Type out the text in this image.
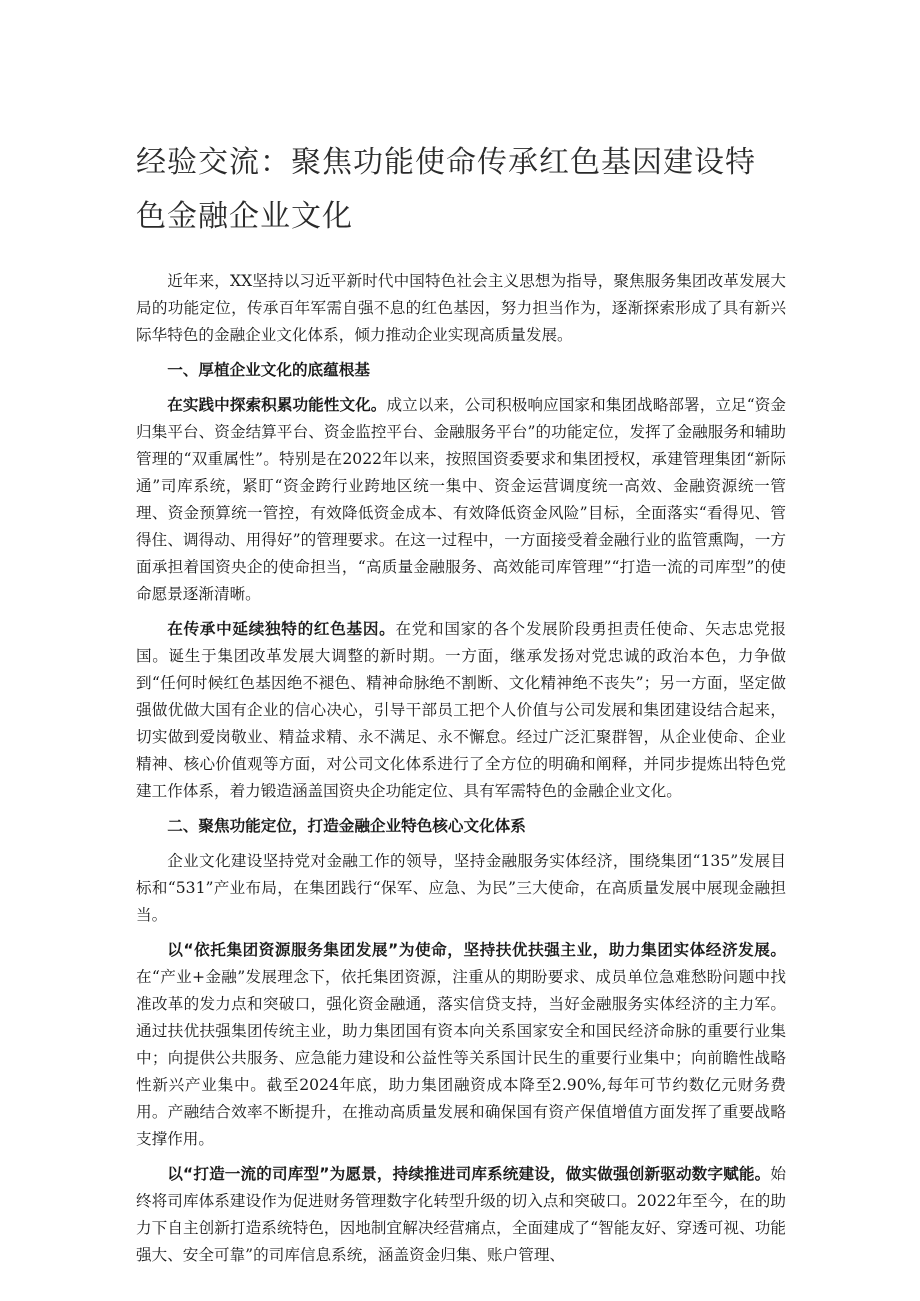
经验交流：聚焦功能使命传承红色基因建设特色金融企业文化

近年来，XX坚持以习近平新时代中国特色社会主义思想为指导，聚焦服务集团改革发展大局的功能定位，传承百年军需自强不息的红色基因，努力担当作为，逐渐探索形成了具有新兴际华特色的金融企业文化体系，倾力推动企业实现高质量发展。

一、厚植企业文化的底蕴根基

在实践中探索积累功能性文化。成立以来，公司积极响应国家和集团战略部署，立足“资金归集平台、资金结算平台、资金监控平台、金融服务平台”的功能定位，发挥了金融服务和辅助管理的“双重属性”。特别是在2022年以来，按照国资委要求和集团授权，承建管理集团“新际通”司库系统，紧盯“资金跨行业跨地区统一集中、资金运营调度统一高效、金融资源统一管理、资金预算统一管控，有效降低资金成本、有效降低资金风险”目标，全面落实“看得见、管得住、调得动、用得好”的管理要求。在这一过程中，一方面接受着金融行业的监管熏陶，一方面承担着国资央企的使命担当，“高质量金融服务、高效能司库管理”“打造一流的司库型”的使命愿景逐渐清晰。

在传承中延续独特的红色基因。在党和国家的各个发展阶段勇担责任使命、矢志忠党报国。诞生于集团改革发展大调整的新时期。一方面，继承发扬对党忠诚的政治本色，力争做到“任何时候红色基因绝不褪色、精神命脉绝不割断、文化精神绝不丧失”；另一方面，坚定做强做优做大国有企业的信心决心，引导干部员工把个人价值与公司发展和集团建设结合起来，切实做到爱岗敬业、精益求精、永不满足、永不懈怠。经过广泛汇聚群智，从企业使命、企业精神、核心价值观等方面，对公司文化体系进行了全方位的明确和阐释，并同步提炼出特色党建工作体系，着力锻造涵盖国资央企功能定位、具有军需特色的金融企业文化。

二、聚焦功能定位，打造金融企业特色核心文化体系

企业文化建设坚持党对金融工作的领导，坚持金融服务实体经济，围绕集团“135”发展目标和“531”产业布局，在集团践行“保军、应急、为民”三大使命，在高质量发展中展现金融担当。

以“依托集团资源服务集团发展”为使命，坚持扶优扶强主业，助力集团实体经济发展。在“产业+金融”发展理念下，依托集团资源，注重从的期盼要求、成员单位急难愁盼问题中找准改革的发力点和突破口，强化资金融通，落实信贷支持，当好金融服务实体经济的主力军。通过扶优扶强集团传统主业，助力集团国有资本向关系国家安全和国民经济命脉的重要行业集中；向提供公共服务、应急能力建设和公益性等关系国计民生的重要行业集中；向前瞻性战略性新兴产业集中。截至2024年底，助力集团融资成本降至2.90%,每年可节约数亿元财务费用。产融结合效率不断提升，在推动高质量发展和确保国有资产保值增值方面发挥了重要战略支撑作用。

以“打造一流的司库型”为愿景，持续推进司库系统建设，做实做强创新驱动数字赋能。始终将司库体系建设作为促进财务管理数字化转型升级的切入点和突破口。2022年至今，在的助力下自主创新打造系统特色，因地制宜解决经营痛点，全面建成了“智能友好、穿透可视、功能强大、安全可靠”的司库信息系统，涵盖资金归集、账户管理、
